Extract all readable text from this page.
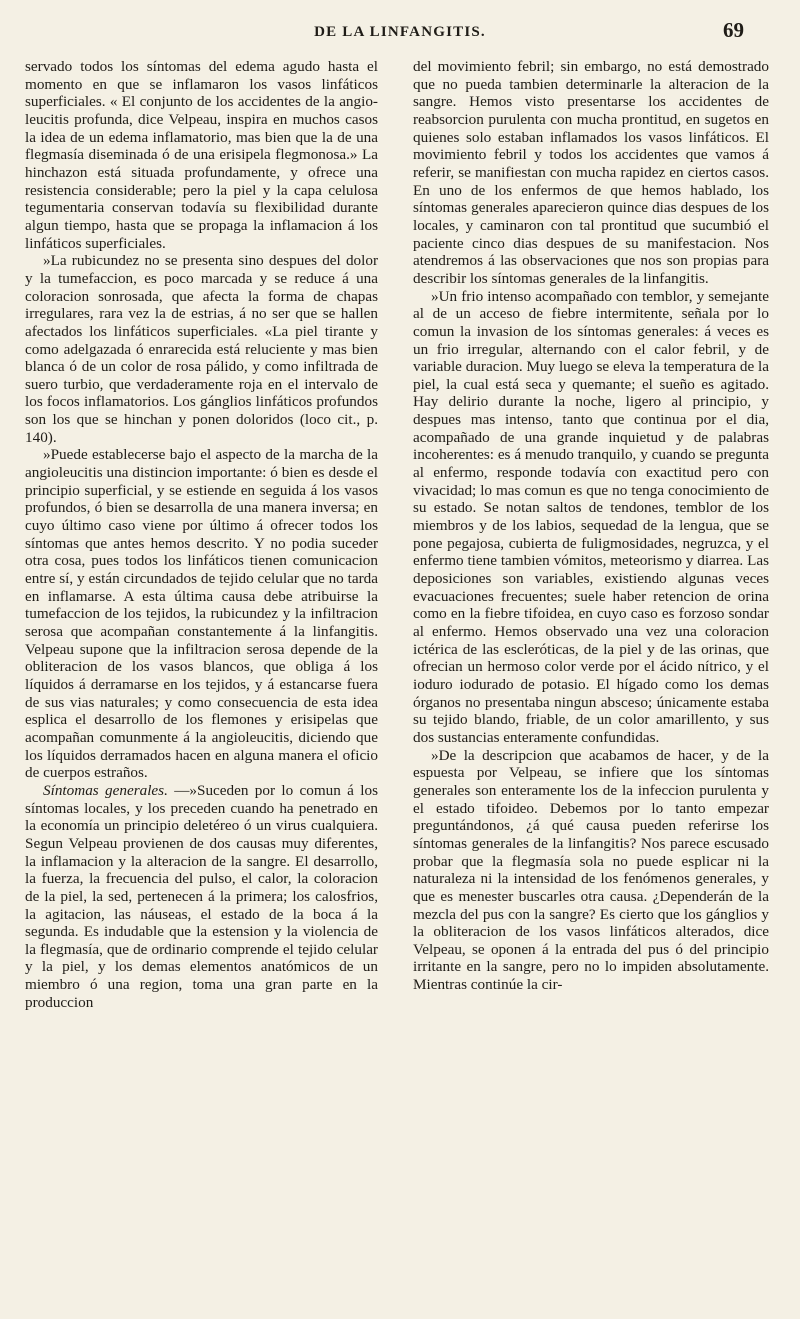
DE LA LINFANGITIS.	69

servado todos los síntomas del edema agudo hasta el momento en que se inflamaron los vasos linfáticos superficiales. « El conjunto de los accidentes de la angio-leucitis profunda, dice Velpeau, inspira en muchos casos la idea de un edema inflamatorio, mas bien que la de una flegmasía diseminada ó de una erisipela flegmonosa.» La hinchazon está situada profundamente, y ofrece una resistencia considerable; pero la piel y la capa celulosa tegumentaria conservan todavía su flexibilidad durante algun tiempo, hasta que se propaga la inflamacion á los linfáticos superficiales.

»La rubicundez no se presenta sino despues del dolor y la tumefaccion, es poco marcada y se reduce á una coloracion sonrosada, que afecta la forma de chapas irregulares, rara vez la de estrias, á no ser que se hallen afectados los linfáticos superficiales. «La piel tirante y como adelgazada ó enrarecida está reluciente y mas bien blanca ó de un color de rosa pálido, y como infiltrada de suero turbio, que verdaderamente roja en el intervalo de los focos inflamatorios. Los gánglios linfáticos profundos son los que se hinchan y ponen doloridos (loco cit., p. 140).

»Puede establecerse bajo el aspecto de la marcha de la angioleucitis una distincion importante: ó bien es desde el principio superficial, y se estiende en seguida á los vasos profundos, ó bien se desarrolla de una manera inversa; en cuyo último caso viene por último á ofrecer todos los síntomas que antes hemos descrito. Y no podia suceder otra cosa, pues todos los linfáticos tienen comunicacion entre sí, y están circundados de tejido celular que no tarda en inflamarse. A esta última causa debe atribuirse la tumefaccion de los tejidos, la rubicundez y la infiltracion serosa que acompañan constantemente á la linfangitis. Velpeau supone que la infiltracion serosa depende de la obliteracion de los vasos blancos, que obliga á los líquidos á derramarse en los tejidos, y á estancarse fuera de sus vias naturales; y como consecuencia de esta idea esplica el desarrollo de los flemones y erisipelas que acompañan comunmente á la angioleucitis, diciendo que los líquidos derramados hacen en alguna manera el oficio de cuerpos estraños.

Síntomas generales. —»Suceden por lo comun á los síntomas locales, y los preceden cuando ha penetrado en la economía un principio deletéreo ó un virus cualquiera. Segun Velpeau provienen de dos causas muy diferentes, la inflamacion y la alteracion de la sangre. El desarrollo, la fuerza, la frecuencia del pulso, el calor, la coloracion de la piel, la sed, pertenecen á la primera; los calosfrios, la agitacion, las náuseas, el estado de la boca á la segunda. Es indudable que la estension y la violencia de la flegmasía, que de ordinario comprende el tejido celular y la piel, y los demas elementos anatómicos de un miembro ó una region, toma una gran parte en la produccion

del movimiento febril; sin embargo, no está demostrado que no pueda tambien determinarle la alteracion de la sangre. Hemos visto presentarse los accidentes de reabsorcion purulenta con mucha prontitud, en sugetos en quienes solo estaban inflamados los vasos linfáticos. El movimiento febril y todos los accidentes que vamos á referir, se manifiestan con mucha rapidez en ciertos casos. En uno de los enfermos de que hemos hablado, los síntomas generales aparecieron quince dias despues de los locales, y caminaron con tal prontitud que sucumbió el paciente cinco dias despues de su manifestacion. Nos atendremos á las observaciones que nos son propias para describir los síntomas generales de la linfangitis.

»Un frio intenso acompañado con temblor, y semejante al de un acceso de fiebre intermitente, señala por lo comun la invasion de los síntomas generales: á veces es un frio irregular, alternando con el calor febril, y de variable duracion. Muy luego se eleva la temperatura de la piel, la cual está seca y quemante; el sueño es agitado. Hay delirio durante la noche, ligero al principio, y despues mas intenso, tanto que continua por el dia, acompañado de una grande inquietud y de palabras incoherentes: es á menudo tranquilo, y cuando se pregunta al enfermo, responde todavía con exactitud pero con vivacidad; lo mas comun es que no tenga conocimiento de su estado. Se notan saltos de tendones, temblor de los miembros y de los labios, sequedad de la lengua, que se pone pegajosa, cubierta de fuligmosidades, negruzca, y el enfermo tiene tambien vómitos, meteorismo y diarrea. Las deposiciones son variables, existiendo algunas veces evacuaciones frecuentes; suele haber retencion de orina como en la fiebre tifoidea, en cuyo caso es forzoso sondar al enfermo. Hemos observado una vez una coloracion ictérica de las escleróticas, de la piel y de las orinas, que ofrecian un hermoso color verde por el ácido nítrico, y el ioduro iodurado de potasio. El hígado como los demas órganos no presentaba ningun absceso; únicamente estaba su tejido blando, friable, de un color amarillento, y sus dos sustancias enteramente confundidas.

»De la descripcion que acabamos de hacer, y de la espuesta por Velpeau, se infiere que los síntomas generales son enteramente los de la infeccion purulenta y el estado tifoideo. Debemos por lo tanto empezar preguntándonos, ¿á qué causa pueden referirse los síntomas generales de la linfangitis? Nos parece escusado probar que la flegmasía sola no puede esplicar ni la naturaleza ni la intensidad de los fenómenos generales, y que es menester buscarles otra causa. ¿Dependerán de la mezcla del pus con la sangre? Es cierto que los gánglios y la obliteracion de los vasos linfáticos alterados, dice Velpeau, se oponen á la entrada del pus ó del principio irritante en la sangre, pero no lo impiden absolutamente. Mientras continúe la cir-
